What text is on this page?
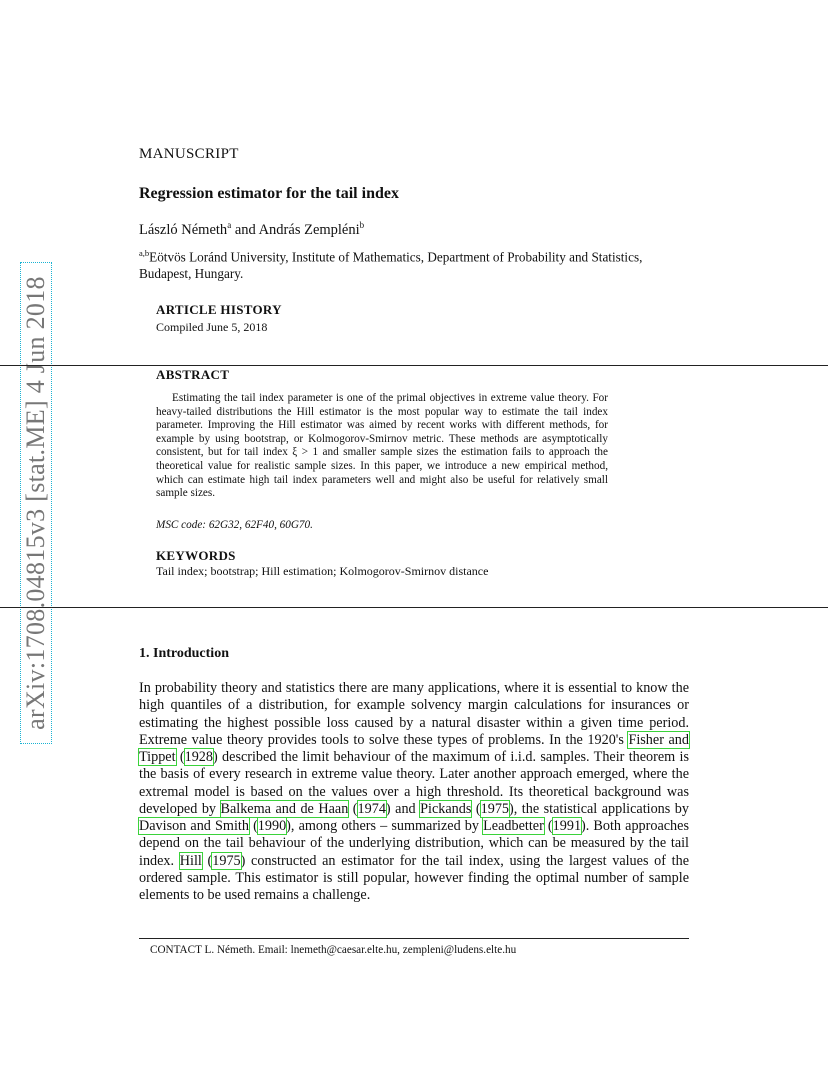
arXiv:1708.04815v3 [stat.ME] 4 Jun 2018
MANUSCRIPT
Regression estimator for the tail index
László Németh$^a$ and András Zempléni$^b$
$^{a,b}$Eötvös Loránd University, Institute of Mathematics, Department of Probability and Statistics, Budapest, Hungary.
ARTICLE HISTORY
Compiled June 5, 2018
ABSTRACT
Estimating the tail index parameter is one of the primal objectives in extreme value theory. For heavy-tailed distributions the Hill estimator is the most popular way to estimate the tail index parameter. Improving the Hill estimator was aimed by recent works with different methods, for example by using bootstrap, or Kolmogorov-Smirnov metric. These methods are asymptotically consistent, but for tail index ξ > 1 and smaller sample sizes the estimation fails to approach the theoretical value for realistic sample sizes. In this paper, we introduce a new empirical method, which can estimate high tail index parameters well and might also be useful for relatively small sample sizes.
MSC code: 62G32, 62F40, 60G70.
KEYWORDS
Tail index; bootstrap; Hill estimation; Kolmogorov-Smirnov distance
1. Introduction
In probability theory and statistics there are many applications, where it is essential to know the high quantiles of a distribution, for example solvency margin calculations for insurances or estimating the highest possible loss caused by a natural disaster within a given time period. Extreme value theory provides tools to solve these types of problems. In the 1920's Fisher and Tippet (1928) described the limit behaviour of the maximum of i.i.d. samples. Their theorem is the basis of every research in extreme value theory. Later another approach emerged, where the extremal model is based on the values over a high threshold. Its theoretical background was developed by Balkema and de Haan (1974) and Pickands (1975), the statistical applications by Davison and Smith (1990), among others – summarized by Leadbetter (1991). Both approaches depend on the tail behaviour of the underlying distribution, which can be measured by the tail index. Hill (1975) constructed an estimator for the tail index, using the largest values of the ordered sample. This estimator is still popular, however finding the optimal number of sample elements to be used remains a challenge.
CONTACT L. Németh. Email: lnemeth@caesar.elte.hu, zempleni@ludens.elte.hu
